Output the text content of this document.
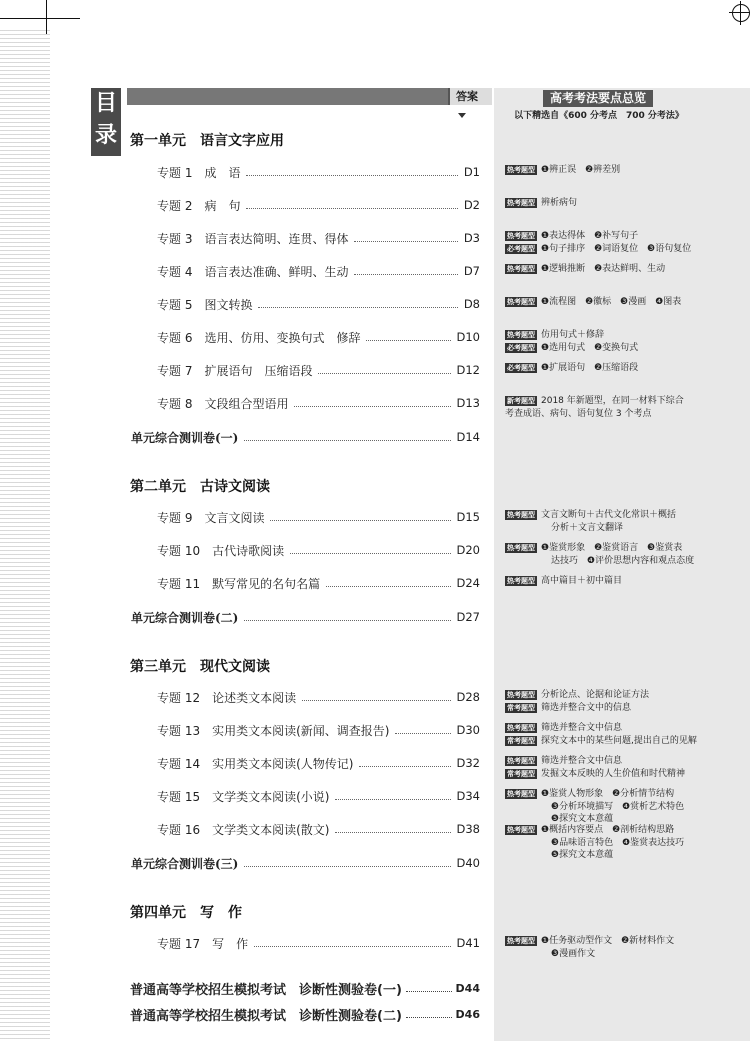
目
录
答案	高考考法要点总览
以下精选自《600 分考点　700 分考法》
第一单元 语言文字应用
第二单元 古诗文阅读
第三单元 现代文阅读
第四单元 写　作
专题 1　成　语	D1
专题 2　病　句	D2
专题 3　语言表达简明、连贯、得体	D3
专题 4　语言表达准确、鲜明、生动	D7
专题 5　图文转换	D8
专题 6　选用、仿用、变换句式　修辞	D10
专题 7　扩展语句　压缩语段	D12
专题 8　文段组合型语用	D13
单元综合测训卷(一)	D14
专题 9　文言文阅读	D15
专题 10　古代诗歌阅读	D20
专题 11　默写常见的名句名篇	D24
单元综合测训卷(二)	D27
专题 12　论述类文本阅读	D28
专题 13　实用类文本阅读(新闻、调查报告)	D30
专题 14　实用类文本阅读(人物传记)	D32
专题 15　文学类文本阅读(小说)	D34
专题 16　文学类文本阅读(散文)	D38
单元综合测训卷(三)	D40
专题 17　写　作	D41
普通高等学校招生模拟考试　诊断性测验卷(一)	D44
普通高等学校招生模拟考试　诊断性测验卷(二)	D46
热考题型 ❶辨正误　❷辨差别
热考题型 辨析病句
热考题型 ❶表达得体　❷补写句子
必考题型 ❶句子排序　❷词语复位　❸语句复位
热考题型 ❶逻辑推断　❷表达鲜明、生动
热考题型 ❶流程图　❷徽标　❸漫画　❹图表
热考题型 仿用句式＋修辞
必考题型 ❶选用句式　❷变换句式
必考题型 ❶扩展语句　❷压缩语段
新考题型 2018 年新题型，在同一材料下综合
考查成语、病句、语句复位 3 个考点
热考题型 文言文断句＋古代文化常识＋概括
分析＋文言文翻译
热考题型 ❶鉴赏形象　❷鉴赏语言　❸鉴赏表
达技巧　❹评价思想内容和观点态度
热考题型 高中篇目＋初中篇目
热考题型 分析论点、论据和论证方法
常考题型 筛选并整合文中的信息
热考题型 筛选并整合文中信息
常考题型 探究文本中的某些问题,提出自己的见解
热考题型 筛选并整合文中信息
常考题型 发掘文本反映的人生价值和时代精神
热考题型 ❶鉴赏人物形象　❷分析情节结构
❸分析环境描写　❹赏析艺术特色
❺探究文本意蕴
热考题型 ❶概括内容要点　❷剖析结构思路
❸品味语言特色　❹鉴赏表达技巧
❺探究文本意蕴
热考题型 ❶任务驱动型作文　❷新材料作文
❸漫画作文
